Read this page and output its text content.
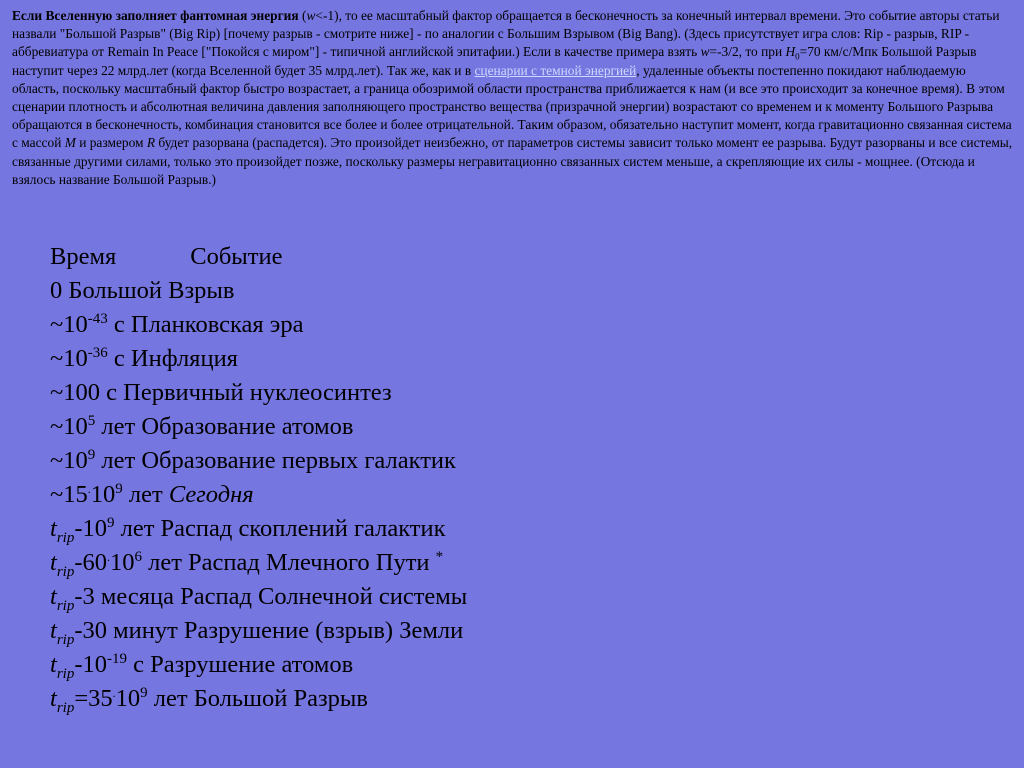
Если Вселенную заполняет фантомная энергия (w<-1), то ее масштабный фактор обращается в бесконечность за конечный интервал времени. Это событие авторы статьи назвали "Большой Разрыв" (Big Rip) [почему разрыв - смотрите ниже] - по аналогии с Большим Взрывом (Big Bang). (Здесь присутствует игра слов: Rip - разрыв, RIP - аббревиатура от Remain In Peace ["Покойся с миром"] - типичной английской эпитафии.) Если в качестве примера взять w=-3/2, то при $H_0=70$ км/с/Мпк Большой Разрыв наступит через 22 млрд.лет (когда Вселенной будет 35 млрд.лет). Так же, как и в сценарии с темной энергией, удаленные объекты постепенно покидают наблюдаемую область, поскольку масштабный фактор быстро возрастает, а граница обозримой области пространства приближается к нам (и все это происходит за конечное время). В этом сценарии плотность и абсолютная величина давления заполняющего пространство вещества (призрачной энергии) возрастают со временем и к моменту Большого Разрыва обращаются в бесконечность, комбинация становится все более и более отрицательной. Таким образом, обязательно наступит момент, когда гравитационно связанная система с массой M и размером R будет разорвана (распадется). Это произойдет неизбежно, от параметров системы зависит только момент ее разрыва. Будут разорваны и все системы, связанные другими силами, только это произойдет позже, поскольку размеры негравитационно связанных систем меньше, а скрепляющие их силы - мощнее. (Отсюда и взялось название Большой Разрыв.)
Время	Событие
0 Большой Взрыв
$\sim 10^{-43}$ с Планковская эра
$\sim 10^{-36}$ с Инфляция
~100 с Первичный нуклеосинтез
$\sim 10^5$ лет Образование атомов
$\sim 10^9$ лет Образование первых галактик
$\sim 15^.10^9$ лет Сегодня
$t_{rip}-10^9$ лет Распад скоплений галактик
$t_{rip}-60^.10^6$ лет Распад Млечного Пути *
$t_{rip}-3$ месяца Распад Солнечной системы
$t_{rip}-30$ минут Разрушение (взрыв) Земли
$t_{rip}-10^{-19}$ с Разрушение атомов
$t_{rip}=35^.10^9$ лет Большой Разрыв
